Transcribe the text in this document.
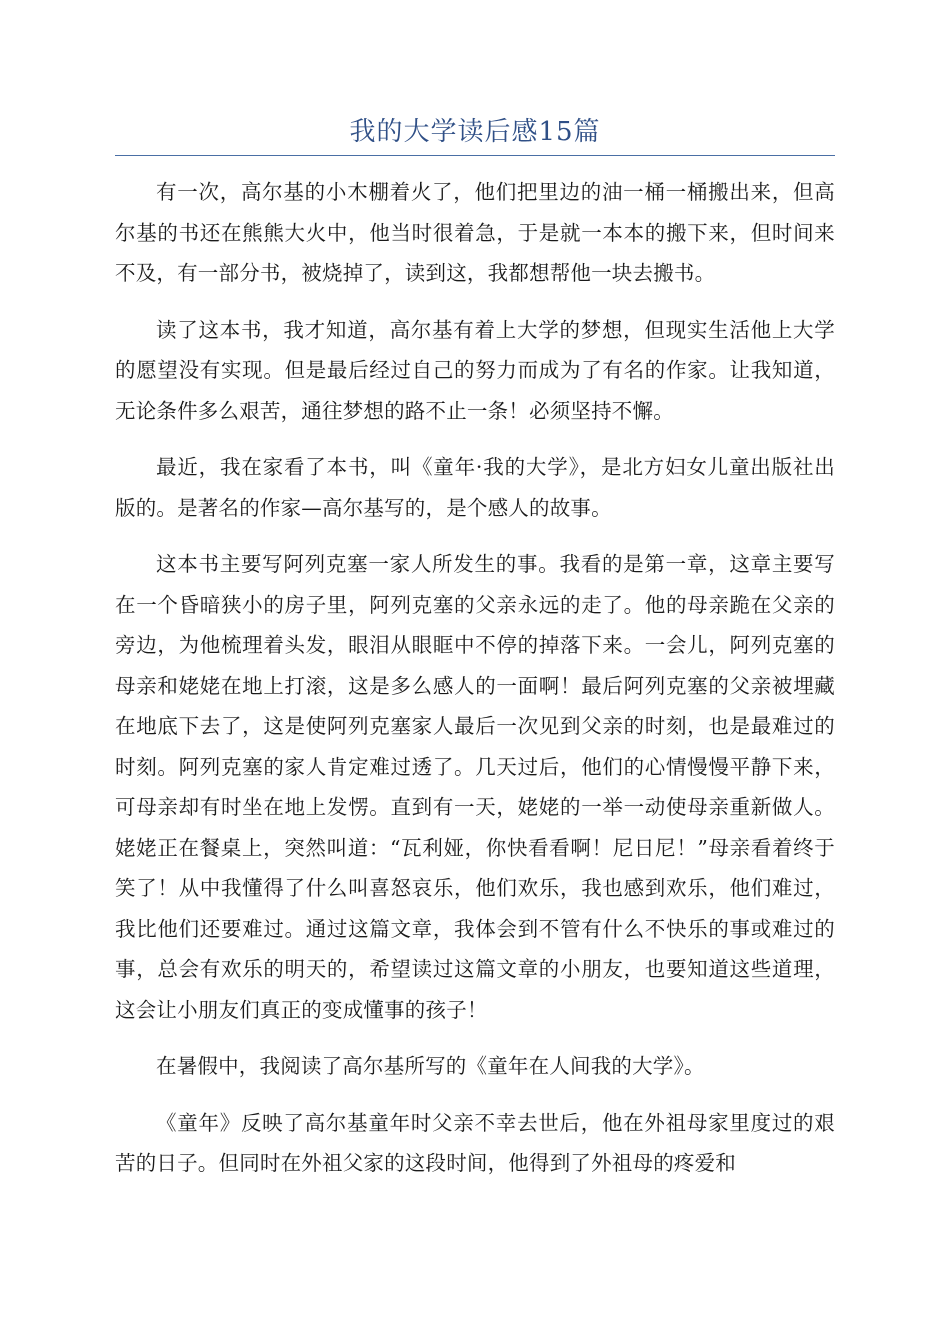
我的大学读后感15篇

有一次，高尔基的小木棚着火了，他们把里边的油一桶一桶搬出来，但高尔基的书还在熊熊大火中，他当时很着急，于是就一本本的搬下来，但时间来不及，有一部分书，被烧掉了，读到这，我都想帮他一块去搬书。

读了这本书，我才知道，高尔基有着上大学的梦想，但现实生活他上大学的愿望没有实现。但是最后经过自己的努力而成为了有名的作家。让我知道，无论条件多么艰苦，通往梦想的路不止一条！必须坚持不懈。

最近，我在家看了本书，叫《童年·我的大学》，是北方妇女儿童出版社出版的。是著名的作家—高尔基写的，是个感人的故事。

这本书主要写阿列克塞一家人所发生的事。我看的是第一章，这章主要写在一个昏暗狭小的房子里，阿列克塞的父亲永远的走了。他的母亲跪在父亲的旁边，为他梳理着头发，眼泪从眼眶中不停的掉落下来。一会儿，阿列克塞的母亲和姥姥在地上打滚，这是多么感人的一面啊！最后阿列克塞的父亲被埋藏在地底下去了，这是使阿列克塞家人最后一次见到父亲的时刻，也是最难过的时刻。阿列克塞的家人肯定难过透了。几天过后，他们的心情慢慢平静下来，可母亲却有时坐在地上发愣。直到有一天，姥姥的一举一动使母亲重新做人。姥姥正在餐桌上，突然叫道：“瓦利娅，你快看看啊！尼日尼！”母亲看着终于笑了！从中我懂得了什么叫喜怒哀乐，他们欢乐，我也感到欢乐，他们难过，我比他们还要难过。通过这篇文章，我体会到不管有什么不快乐的事或难过的事，总会有欢乐的明天的，希望读过这篇文章的小朋友，也要知道这些道理，这会让小朋友们真正的变成懂事的孩子！

在暑假中，我阅读了高尔基所写的《童年在人间我的大学》。

《童年》反映了高尔基童年时父亲不幸去世后，他在外祖母家里度过的艰苦的日子。但同时在外祖父家的这段时间，他得到了外祖母的疼爱和
